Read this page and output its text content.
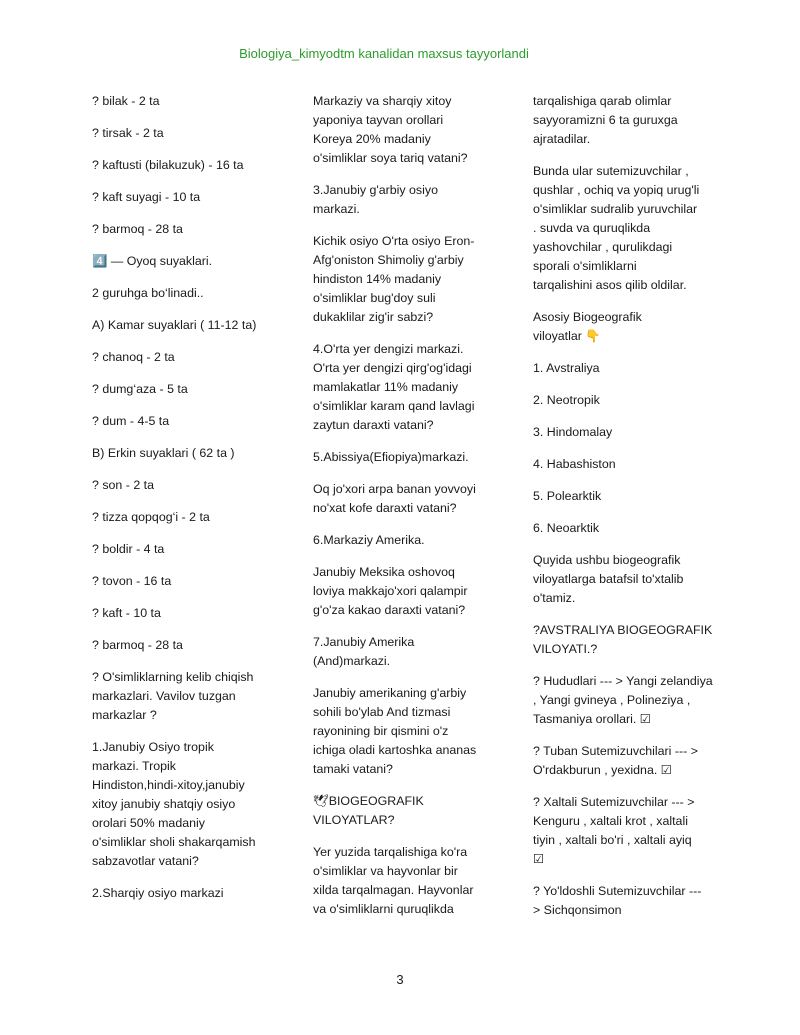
Biologiya_kimyodtm kanalidan maxsus tayyorlandi

? bilak - 2 ta

? tirsak - 2 ta

? kaftusti (bilakuzuk) - 16 ta

? kaft suyagi - 10 ta

? barmoq - 28 ta

4️⃣ — Oyoq suyaklari.

2 guruhga bo‘linadi..

A) Kamar suyaklari ( 11-12 ta)

? chanoq - 2 ta

? dumg‘aza - 5 ta

? dum - 4-5 ta

B) Erkin suyaklari ( 62 ta )

? son - 2 ta

? tizza qopqog‘i - 2 ta

? boldir - 4 ta

? tovon - 16 ta

? kaft - 10 ta

? barmoq - 28 ta

? O'simliklarning kelib chiqish
markazlari. Vavilov tuzgan
markazlar ?

1.Janubiy Osiyo tropik
markazi. Tropik
Hindiston,hindi-xitoy,janubiy
xitoy janubiy shatqiy osiyo
orolari 50% madaniy
o'simliklar sholi shakarqamish
sabzavotlar vatani?

2.Sharqiy osiyo markazi

Markaziy va sharqiy xitoy
yaponiya tayvan orollari
Koreya 20% madaniy
o'simliklar soya tariq vatani?

3.Janubiy g'arbiy osiyo
markazi.

Kichik osiyo O'rta osiyo Eron-
Afg'oniston Shimoliy g'arbiy
hindiston 14% madaniy
o'simliklar bug'doy suli
dukaklilar zig'ir sabzi?

4.O'rta yer dengizi markazi.
O'rta yer dengizi qirg'og'idagi
mamlakatlar 11% madaniy
o'simliklar karam qand lavlagi
zaytun daraxti vatani?

5.Abissiya(Efiopiya)markazi.

Oq jo'xori arpa banan yovvoyi
no'xat kofe daraxti vatani?

6.Markaziy Amerika.

Janubiy Meksika oshovoq
loviya makkajo'xori qalampir
g'o'za kakao daraxti vatani?

7.Janubiy Amerika
(And)markazi.

Janubiy amerikaning g'arbiy
sohili bo'ylab And tizmasi
rayonining bir qismini o'z
ichiga oladi kartoshka ananas
tamaki vatani?

🕊BIOGEOGRAFIK
VILOYATLAR?

Yer yuzida tarqalishiga ko'ra
o'simliklar va hayvonlar bir
xilda tarqalmagan. Hayvonlar
va o'simliklarni quruqlikda

tarqalishiga qarab olimlar
sayyoramizni 6 ta guruxga
ajratadilar.

Bunda ular sutemizuvchilar ,
qushlar , ochiq va yopiq urug'li
o'simliklar sudralib yuruvchilar
. suvda va quruqlikda
yashovchilar , qurulikdagi
sporali o'simliklarni
tarqalishini asos qilib oldilar.

Asosiy Biogeografik
viloyatlar 👇

1. Avstraliya

2. Neotropik

3. Hindomalay

4. Habashiston

5. Polearktik

6. Neoarktik

Quyida ushbu biogeografik
viloyatlarga batafsil to'xtalib
o'tamiz.

?AVSTRALIYA BIOGEOGRAFIK
VILOYATI.?

? Hududlari --- > Yangi zelandiya
, Yangi gvineya , Polineziya ,
Tasmaniya orollari. ☑

? Tuban Sutemizuvchilari --- >
O'rdakburun , yexidna. ☑

? Xaltali Sutemizuvchilar --- >
Kenguru , xaltali krot , xaltali
tiyin , xaltali bo'ri , xaltali ayiq
☑

? Yo'ldoshli Sutemizuvchilar ---
> Sichqonsimon

3
